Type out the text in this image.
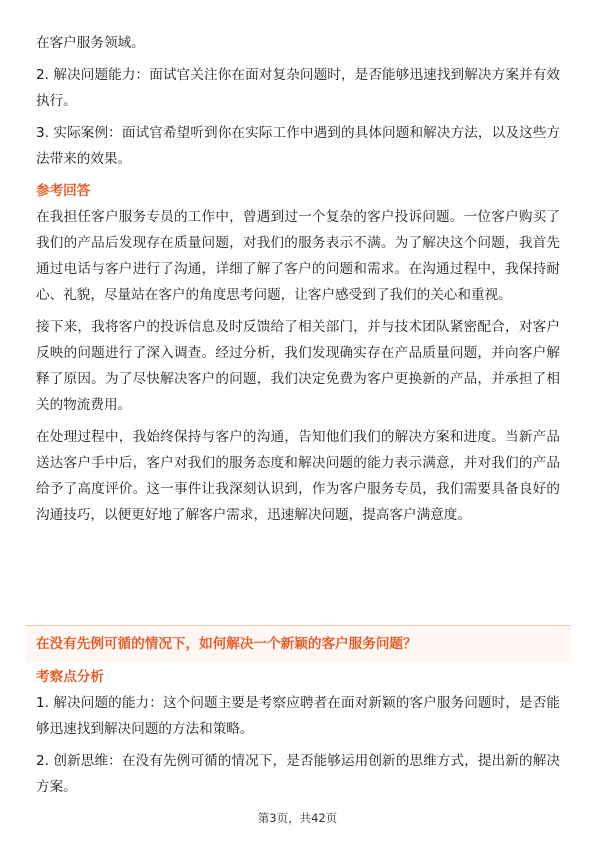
在客户服务领域。

2. 解决问题能力：面试官关注你在面对复杂问题时，是否能够迅速找到解决方案并有效执行。

3. 实际案例：面试官希望听到你在实际工作中遇到的具体问题和解决方法，以及这些方法带来的效果。

参考回答

在我担任客户服务专员的工作中，曾遇到过一个复杂的客户投诉问题。一位客户购买了我们的产品后发现存在质量问题，对我们的服务表示不满。为了解决这个问题，我首先通过电话与客户进行了沟通，详细了解了客户的问题和需求。在沟通过程中，我保持耐心、礼貌，尽量站在客户的角度思考问题，让客户感受到了我们的关心和重视。

接下来，我将客户的投诉信息及时反馈给了相关部门，并与技术团队紧密配合，对客户反映的问题进行了深入调查。经过分析，我们发现确实存在产品质量问题，并向客户解释了原因。为了尽快解决客户的问题，我们决定免费为客户更换新的产品，并承担了相关的物流费用。

在处理过程中，我始终保持与客户的沟通，告知他们我们的解决方案和进度。当新产品送达客户手中后，客户对我们的服务态度和解决问题的能力表示满意，并对我们的产品给予了高度评价。这一事件让我深刻认识到，作为客户服务专员，我们需要具备良好的沟通技巧，以便更好地了解客户需求，迅速解决问题，提高客户满意度。

在没有先例可循的情况下，如何解决一个新颖的客户服务问题？
考察点分析

1. 解决问题的能力：这个问题主要是考察应聘者在面对新颖的客户服务问题时，是否能够迅速找到解决问题的方法和策略。

2. 创新思维：在没有先例可循的情况下，是否能够运用创新的思维方式，提出新的解决方案。

第3页，共42页
